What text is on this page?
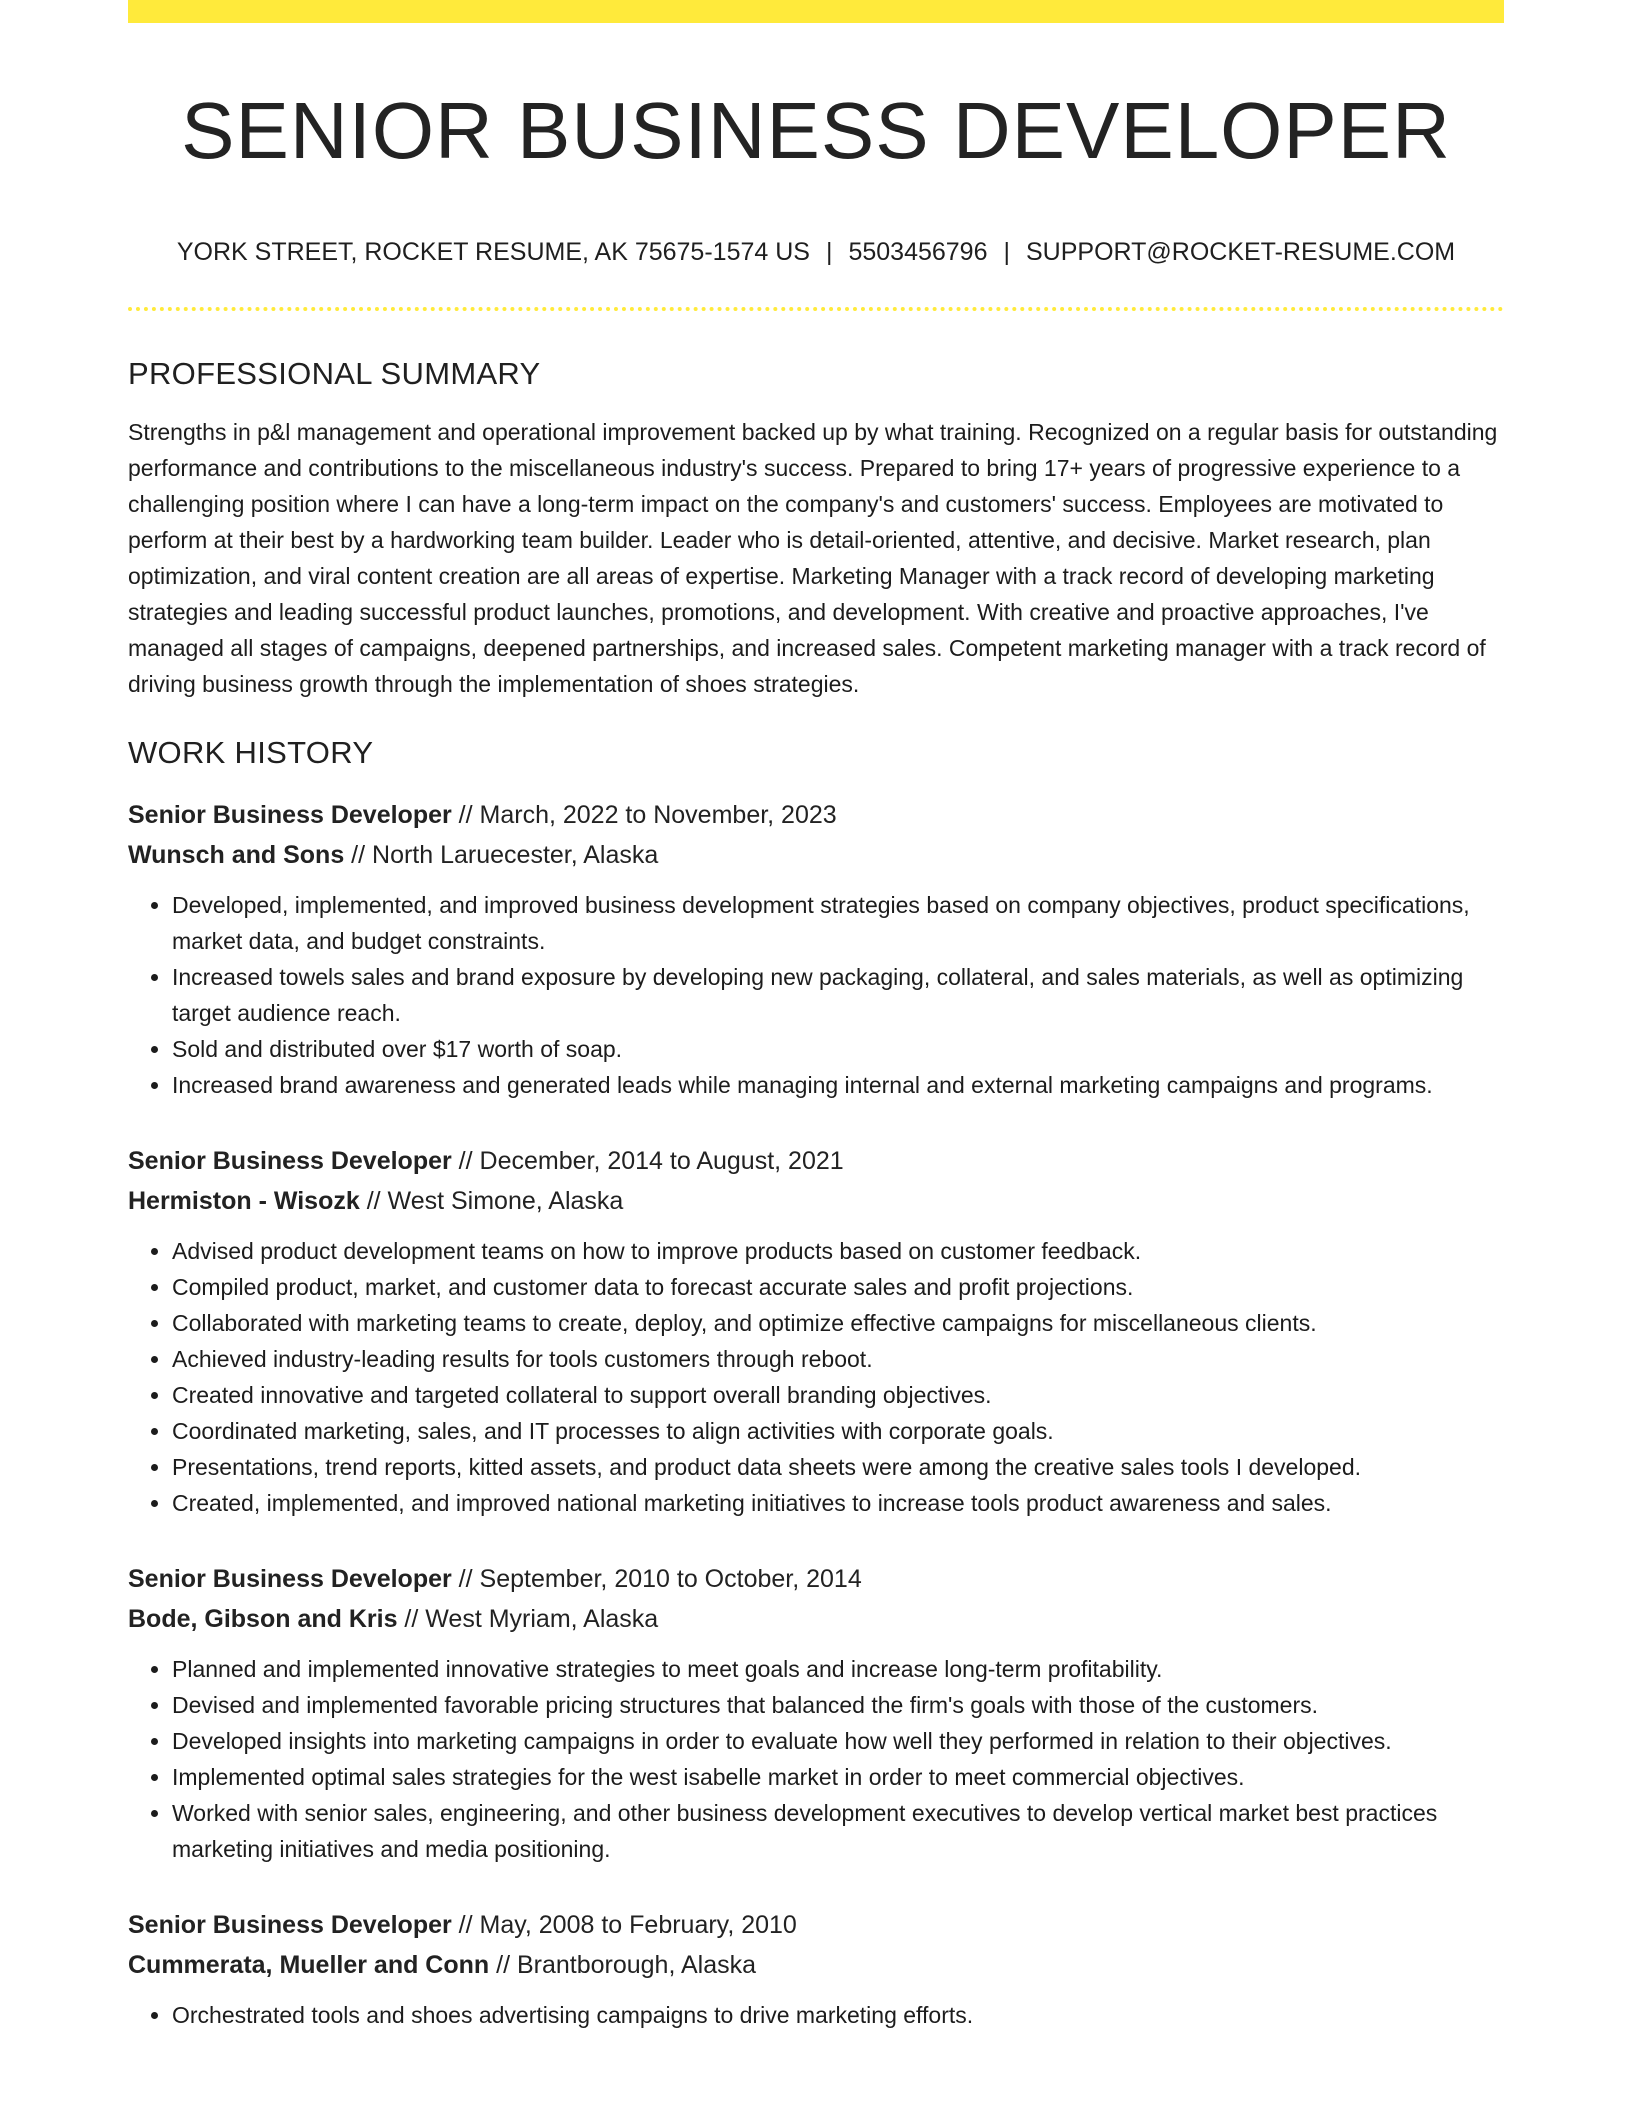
SENIOR BUSINESS DEVELOPER
YORK STREET, ROCKET RESUME, AK 75675-1574 US | 5503456796 | SUPPORT@ROCKET-RESUME.COM
PROFESSIONAL SUMMARY

Strengths in p&l management and operational improvement backed up by what training. Recognized on a regular basis for outstanding performance and contributions to the miscellaneous industry's success. Prepared to bring 17+ years of progressive experience to a challenging position where I can have a long-term impact on the company's and customers' success. Employees are motivated to perform at their best by a hardworking team builder. Leader who is detail-oriented, attentive, and decisive. Market research, plan optimization, and viral content creation are all areas of expertise. Marketing Manager with a track record of developing marketing strategies and leading successful product launches, promotions, and development. With creative and proactive approaches, I've managed all stages of campaigns, deepened partnerships, and increased sales. Competent marketing manager with a track record of driving business growth through the implementation of shoes strategies.

WORK HISTORY
Senior Business Developer // March, 2022 to November, 2023
Wunsch and Sons // North Laruecester, Alaska
• Developed, implemented, and improved business development strategies based on company objectives, product specifications, market data, and budget constraints.
• Increased towels sales and brand exposure by developing new packaging, collateral, and sales materials, as well as optimizing target audience reach.
• Sold and distributed over $17 worth of soap.
• Increased brand awareness and generated leads while managing internal and external marketing campaigns and programs.
Senior Business Developer // December, 2014 to August, 2021
Hermiston - Wisozk // West Simone, Alaska
• Advised product development teams on how to improve products based on customer feedback.
• Compiled product, market, and customer data to forecast accurate sales and profit projections.
• Collaborated with marketing teams to create, deploy, and optimize effective campaigns for miscellaneous clients.
• Achieved industry-leading results for tools customers through reboot.
• Created innovative and targeted collateral to support overall branding objectives.
• Coordinated marketing, sales, and IT processes to align activities with corporate goals.
• Presentations, trend reports, kitted assets, and product data sheets were among the creative sales tools I developed.
• Created, implemented, and improved national marketing initiatives to increase tools product awareness and sales.
Senior Business Developer // September, 2010 to October, 2014
Bode, Gibson and Kris // West Myriam, Alaska
• Planned and implemented innovative strategies to meet goals and increase long-term profitability.
• Devised and implemented favorable pricing structures that balanced the firm's goals with those of the customers.
• Developed insights into marketing campaigns in order to evaluate how well they performed in relation to their objectives.
• Implemented optimal sales strategies for the west isabelle market in order to meet commercial objectives.
• Worked with senior sales, engineering, and other business development executives to develop vertical market best practices marketing initiatives and media positioning.
Senior Business Developer // May, 2008 to February, 2010
Cummerata, Mueller and Conn // Brantborough, Alaska
• Orchestrated tools and shoes advertising campaigns to drive marketing efforts.
